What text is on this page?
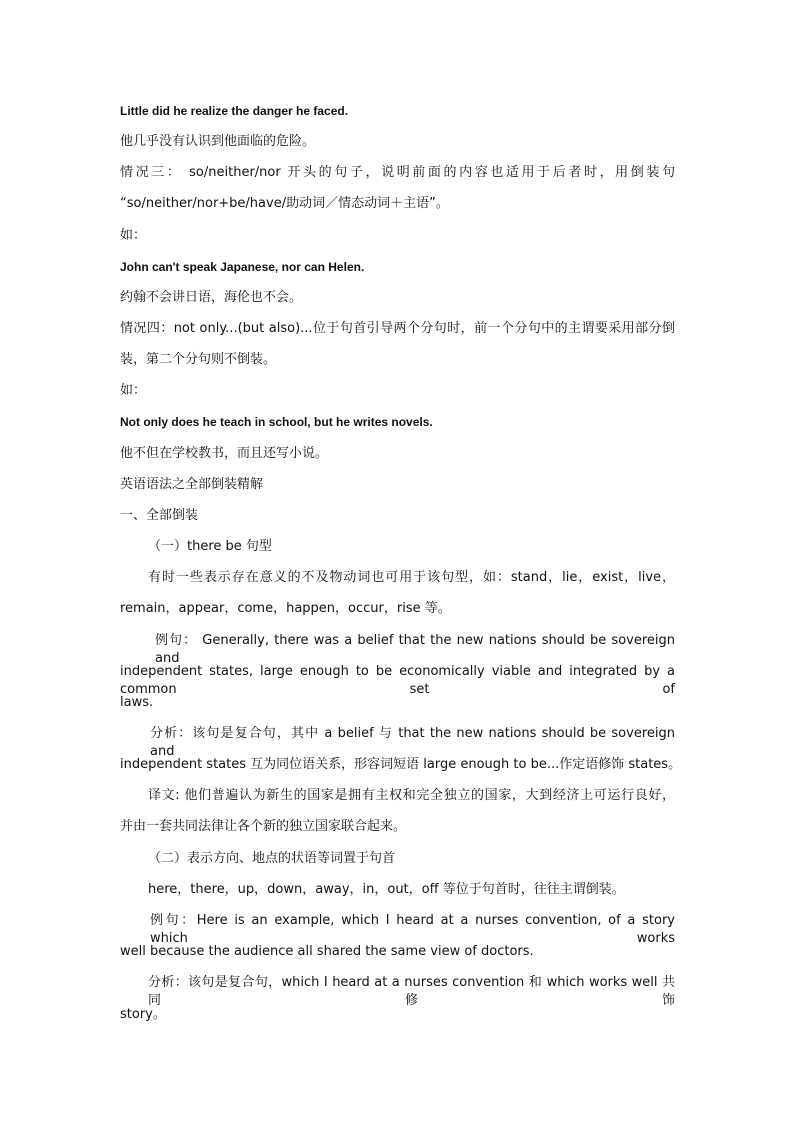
Little did he realize the danger he faced.
他几乎没有认识到他面临的危险。
情况三： so/neither/nor 开头的句子，说明前面的内容也适用于后者时，用倒装句
“so/neither/nor+be/have/助动词／情态动词＋主语”。
如：
John can't speak Japanese, nor can Helen.
约翰不会讲日语，海伦也不会。
情况四：not only...(but also)...位于句首引导两个分句时，前一个分句中的主谓要采用部分倒
装，第二个分句则不倒装。
如：
Not only does he teach in school, but he writes novels.
他不但在学校教书，而且还写小说。
英语语法之全部倒装精解
一、全部倒装
（一）there be 句型
有时一些表示存在意义的不及物动词也可用于该句型，如：stand，lie，exist，live，
remain，appear，come，happen，occur，rise 等。
例句： Generally, there was a belief that the new nations should be sovereign and
independent states, large enough to be economically viable and integrated by a common set of
laws.
分析：该句是复合句，其中 a belief 与 that the new nations should be sovereign and
independent states 互为同位语关系，形容词短语 large enough to be...作定语修饰 states。
译文: 他们普遍认为新生的国家是拥有主权和完全独立的国家，大到经济上可运行良好，
并由一套共同法律让各个新的独立国家联合起来。
（二）表示方向、地点的状语等词置于句首
here，there，up，down，away，in，out，off 等位于句首时，往往主谓倒装。
例句：Here is an example, which I heard at a nurses convention, of a story which works
well because the audience all shared the same view of doctors.
分析：该句是复合句，which I heard at a nurses convention 和 which works well 共同修饰
story。
